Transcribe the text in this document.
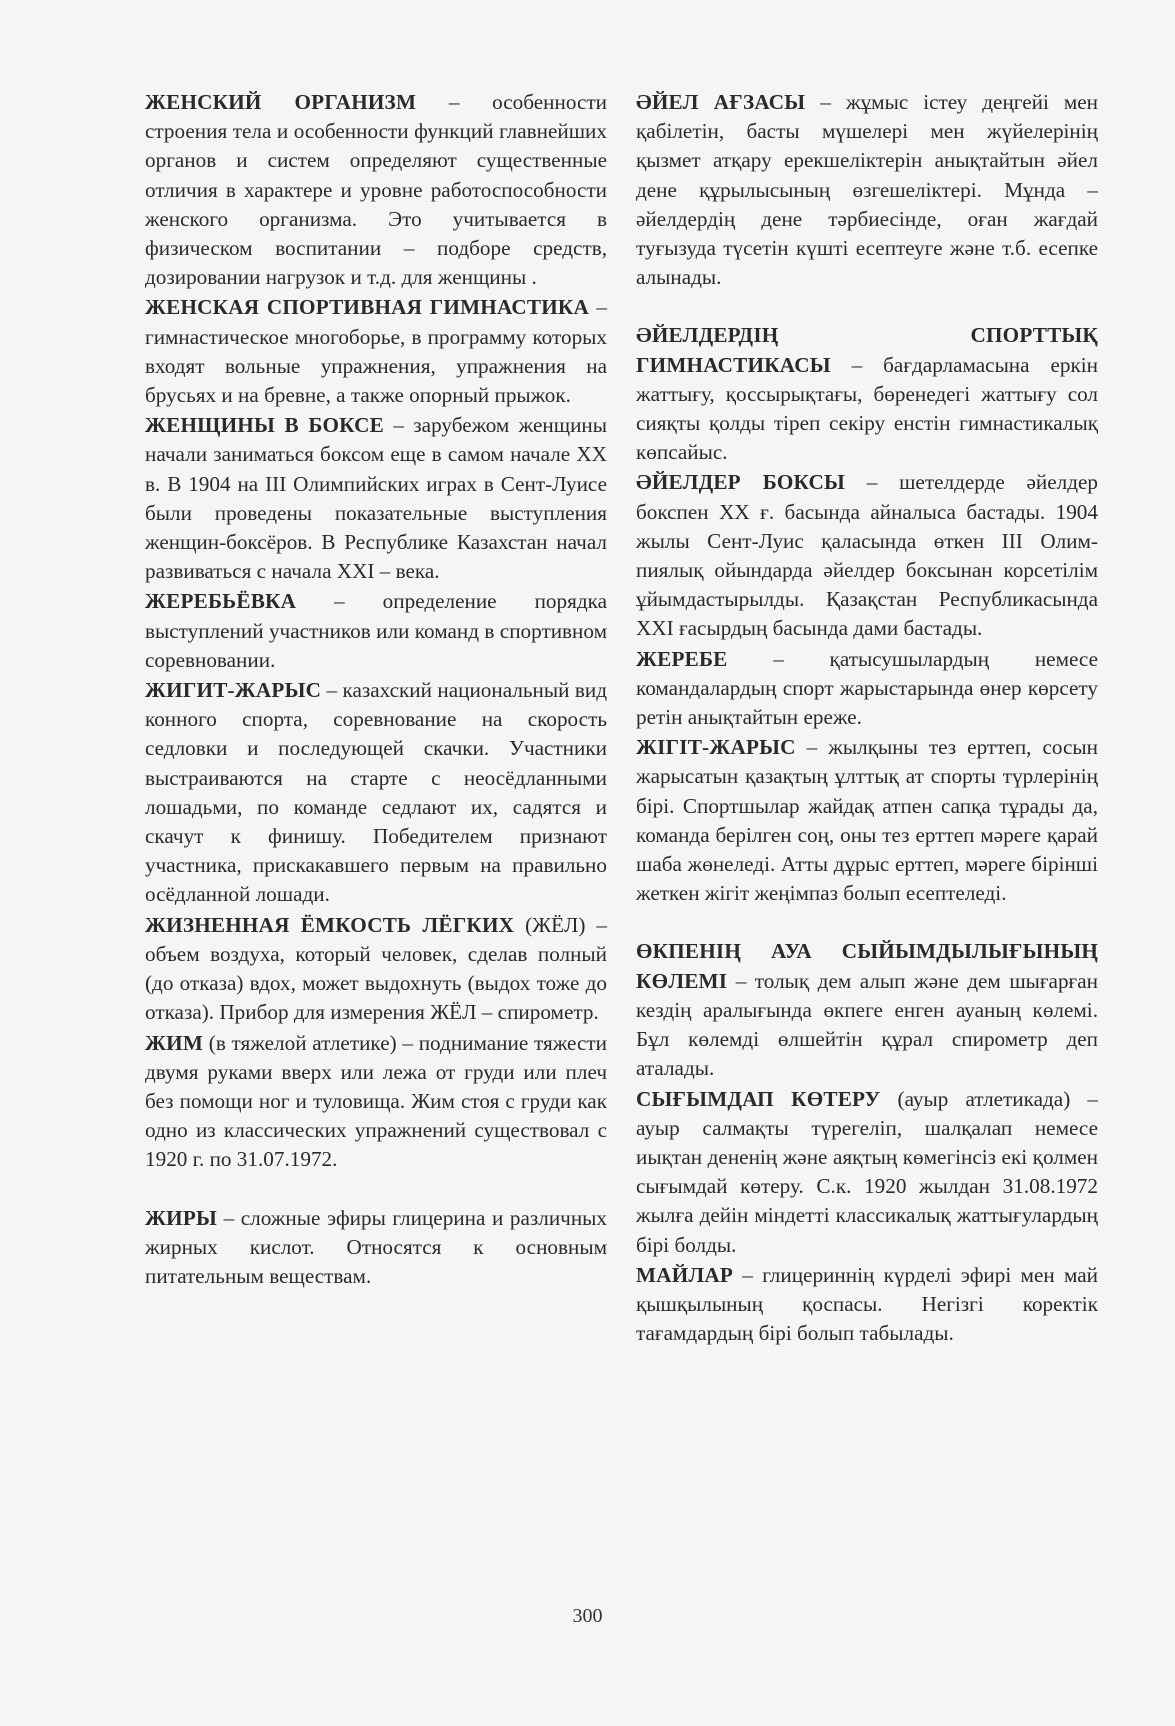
ЖЕНСКИЙ ОРГАНИЗМ – особенности строения тела и особенности функций главнейших органов и систем определяют существенные отличия в характере и уровне работоспособности женского организма. Это учитывается в физическом воспитании – подборе средств, дозировании нагрузок и т.д. для женщины .

ЖЕНСКАЯ СПОРТИВНАЯ ГИМНАСТИКА – гимнастическое многоборье, в программу которых входят вольные упражнения, упражнения на брусьях и на бревне, а также опорный прыжок.

ЖЕНЩИНЫ В БОКСЕ – зарубежом женщины начали заниматься боксом еще в самом начале XX в. В 1904 на III Олимпийских играх в Сент-Луисе были проведены показательные выступления женщин-боксёров. В Республике Казахстан начал развиваться с начала XXI – века.

ЖЕРЕБЬЁВКА – определение порядка выступлений участников или команд в спортивном соревновании.

ЖИГИТ-ЖАРЫС – казахский национальный вид конного спорта, соревнование на скорость седловки и последующей скачки. Участники выстраиваются на старте с неосёдланными лошадьми, по команде седлают их, садятся и скачут к финишу. Победителем признают участника, прискакавшего первым на правильно осёдланной лошади.

ЖИЗНЕННАЯ ЁМКОСТЬ ЛЁГКИХ (ЖЁЛ) – объем воздуха, который человек, сделав полный (до отказа) вдох, может выдохнуть (выдох тоже до отказа). Прибор для измерения ЖЁЛ – спирометр.

ЖИМ (в тяжелой атлетике) – поднимание тяжести двумя руками вверх или лежа от груди или плеч без помощи ног и туловища. Жим стоя с груди как одно из классических упражнений существовал с 1920 г. по 31.07.1972.

ЖИРЫ – сложные эфиры глицерина и различных жирных кислот. Относятся к основным питательным веществам.

ӘЙЕЛ АҒЗАСЫ – жұмыс істеу деңгейі мен қабілетін, басты мүшелері мен жүйелерінің қызмет атқару ерекшеліктерін анықтайтын әйел дене құрылысының өзгешеліктері. Мұнда – әйелдердің дене тәрбиесінде, оған жағдай туғызуда түсетін күшті есептеуге және т.б. есепке алынады.

ӘЙЕЛДЕРДІҢ СПОРТТЫҚ ГИМНАСТИКАСЫ – бағдарламасына еркін жаттығу, қоссырықтағы, бөренедегі жаттығу сол сияқты қолды тіреп секіру енстін гимнастикалық көпсайыс.

ӘЙЕЛДЕР БОКСЫ – шетелдерде әйелдер бокспен XX ғ. басында айналыса бастады. 1904 жылы Сент-Луис қаласында өткен III Олим-пиялық ойындарда әйелдер боксынан корсетілім ұйымдастырылды. Қазақстан Республикасында XXI ғасырдың басында дами бастады.

ЖЕРЕБЕ – қатысушылардың немесе командалардың спорт жарыстарында өнер көрсету ретін анықтайтын ереже.

ЖІГІТ-ЖАРЫС – жылқыны тез ерттеп, сосын жарысатын қазақтың ұлттық ат спорты түрлерінің бірі. Спортшылар жайдақ атпен сапқа тұрады да, команда берілген соң, оны тез ерттеп мәреге қарай шаба жөнеледі. Атты дұрыс ерттеп, мәреге бірінші жеткен жігіт жеңімпаз болып есептеледі.

ӨКПЕНІҢ АУА СЫЙЫМДЫЛЫҒЫНЫҢ КӨЛЕМІ – толық дем алып және дем шығарған кездің аралығында өкпеге енген ауаның көлемі. Бұл көлемді өлшейтін құрал спирометр деп аталады.

СЫҒЫМДАП КӨТЕРУ (ауыр атлетикада) – ауыр салмақты түрегеліп, шалқалап немесе иықтан дененің және аяқтың көмегінсіз екі қолмен сығымдай көтеру. С.к. 1920 жылдан 31.08.1972 жылға дейін міндетті классикалық жаттығулардың бірі болды.

МАЙЛАР – глицериннің күрделі эфирі мен май қышқылының қоспасы. Негізгі коректік тағамдардың бірі болып табылады.

300
